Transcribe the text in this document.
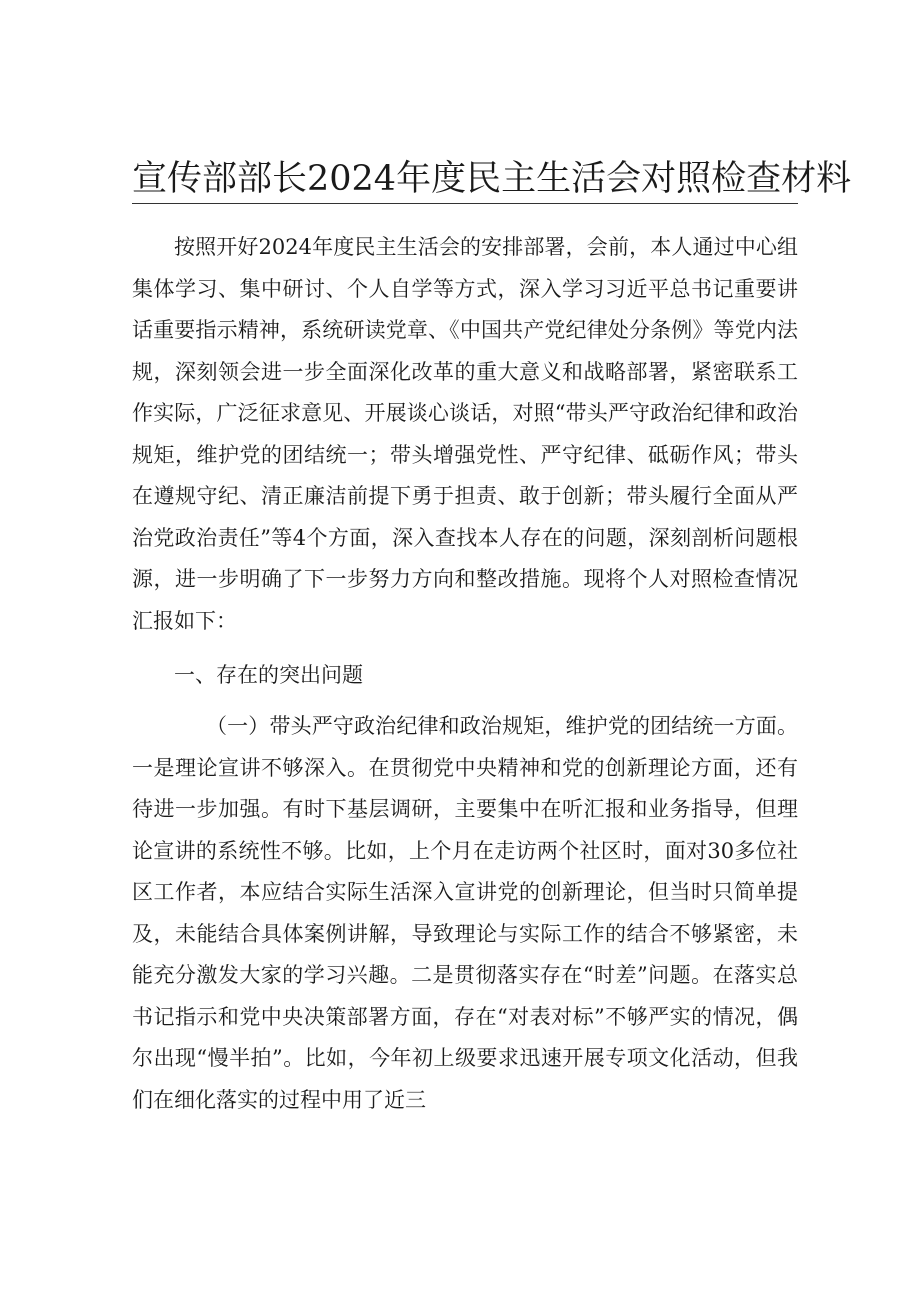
宣传部部长2024年度民主生活会对照检查材料

按照开好2024年度民主生活会的安排部署，会前，本人通过中心组集体学习、集中研讨、个人自学等方式，深入学习习近平总书记重要讲话重要指示精神，系统研读党章、《中国共产党纪律处分条例》等党内法规，深刻领会进一步全面深化改革的重大意义和战略部署，紧密联系工作实际，广泛征求意见、开展谈心谈话，对照“带头严守政治纪律和政治规矩，维护党的团结统一；带头增强党性、严守纪律、砥砺作风；带头在遵规守纪、清正廉洁前提下勇于担责、敢于创新；带头履行全面从严治党政治责任”等4个方面，深入查找本人存在的问题，深刻剖析问题根源，进一步明确了下一步努力方向和整改措施。现将个人对照检查情况汇报如下：

一、存在的突出问题

（一）带头严守政治纪律和政治规矩，维护党的团结统一方面。一是理论宣讲不够深入。在贯彻党中央精神和党的创新理论方面，还有待进一步加强。有时下基层调研，主要集中在听汇报和业务指导，但理论宣讲的系统性不够。比如，上个月在走访两个社区时，面对30多位社区工作者，本应结合实际生活深入宣讲党的创新理论，但当时只简单提及，未能结合具体案例讲解，导致理论与实际工作的结合不够紧密，未能充分激发大家的学习兴趣。二是贯彻落实存在“时差”问题。在落实总书记指示和党中央决策部署方面，存在“对表对标”不够严实的情况，偶尔出现“慢半拍”。比如，今年初上级要求迅速开展专项文化活动，但我们在细化落实的过程中用了近三
